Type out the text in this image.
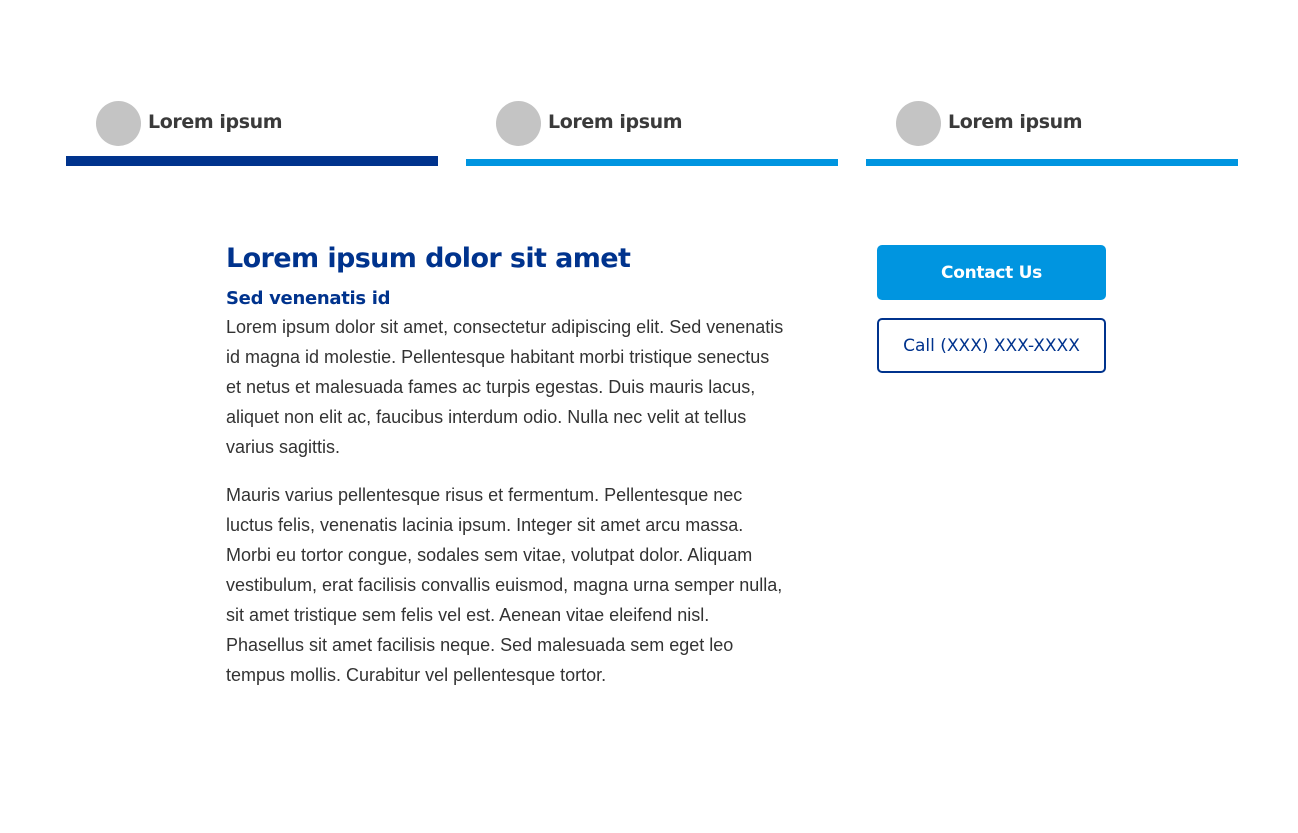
Lorem ipsum	Lorem ipsum	Lorem ipsum
Lorem ipsum dolor sit amet
Sed venenatis id

Lorem ipsum dolor sit amet, consectetur adipiscing elit. Sed venenatis id magna id molestie. Pellentesque habitant morbi tristique senectus et netus et malesuada fames ac turpis egestas. Duis mauris lacus, aliquet non elit ac, faucibus interdum odio. Nulla nec velit at tellus varius sagittis.

Mauris varius pellentesque risus et fermentum. Pellentesque nec luctus felis, venenatis lacinia ipsum. Integer sit amet arcu massa. Morbi eu tortor congue, sodales sem vitae, volutpat dolor. Aliquam vestibulum, erat facilisis convallis euismod, magna urna semper nulla, sit amet tristique sem felis vel est. Aenean vitae eleifend nisl. Phasellus sit amet facilisis neque. Sed malesuada sem eget leo tempus mollis. Curabitur vel pellentesque tortor.

Contact Us
Call (XXX) XXX-XXXX
